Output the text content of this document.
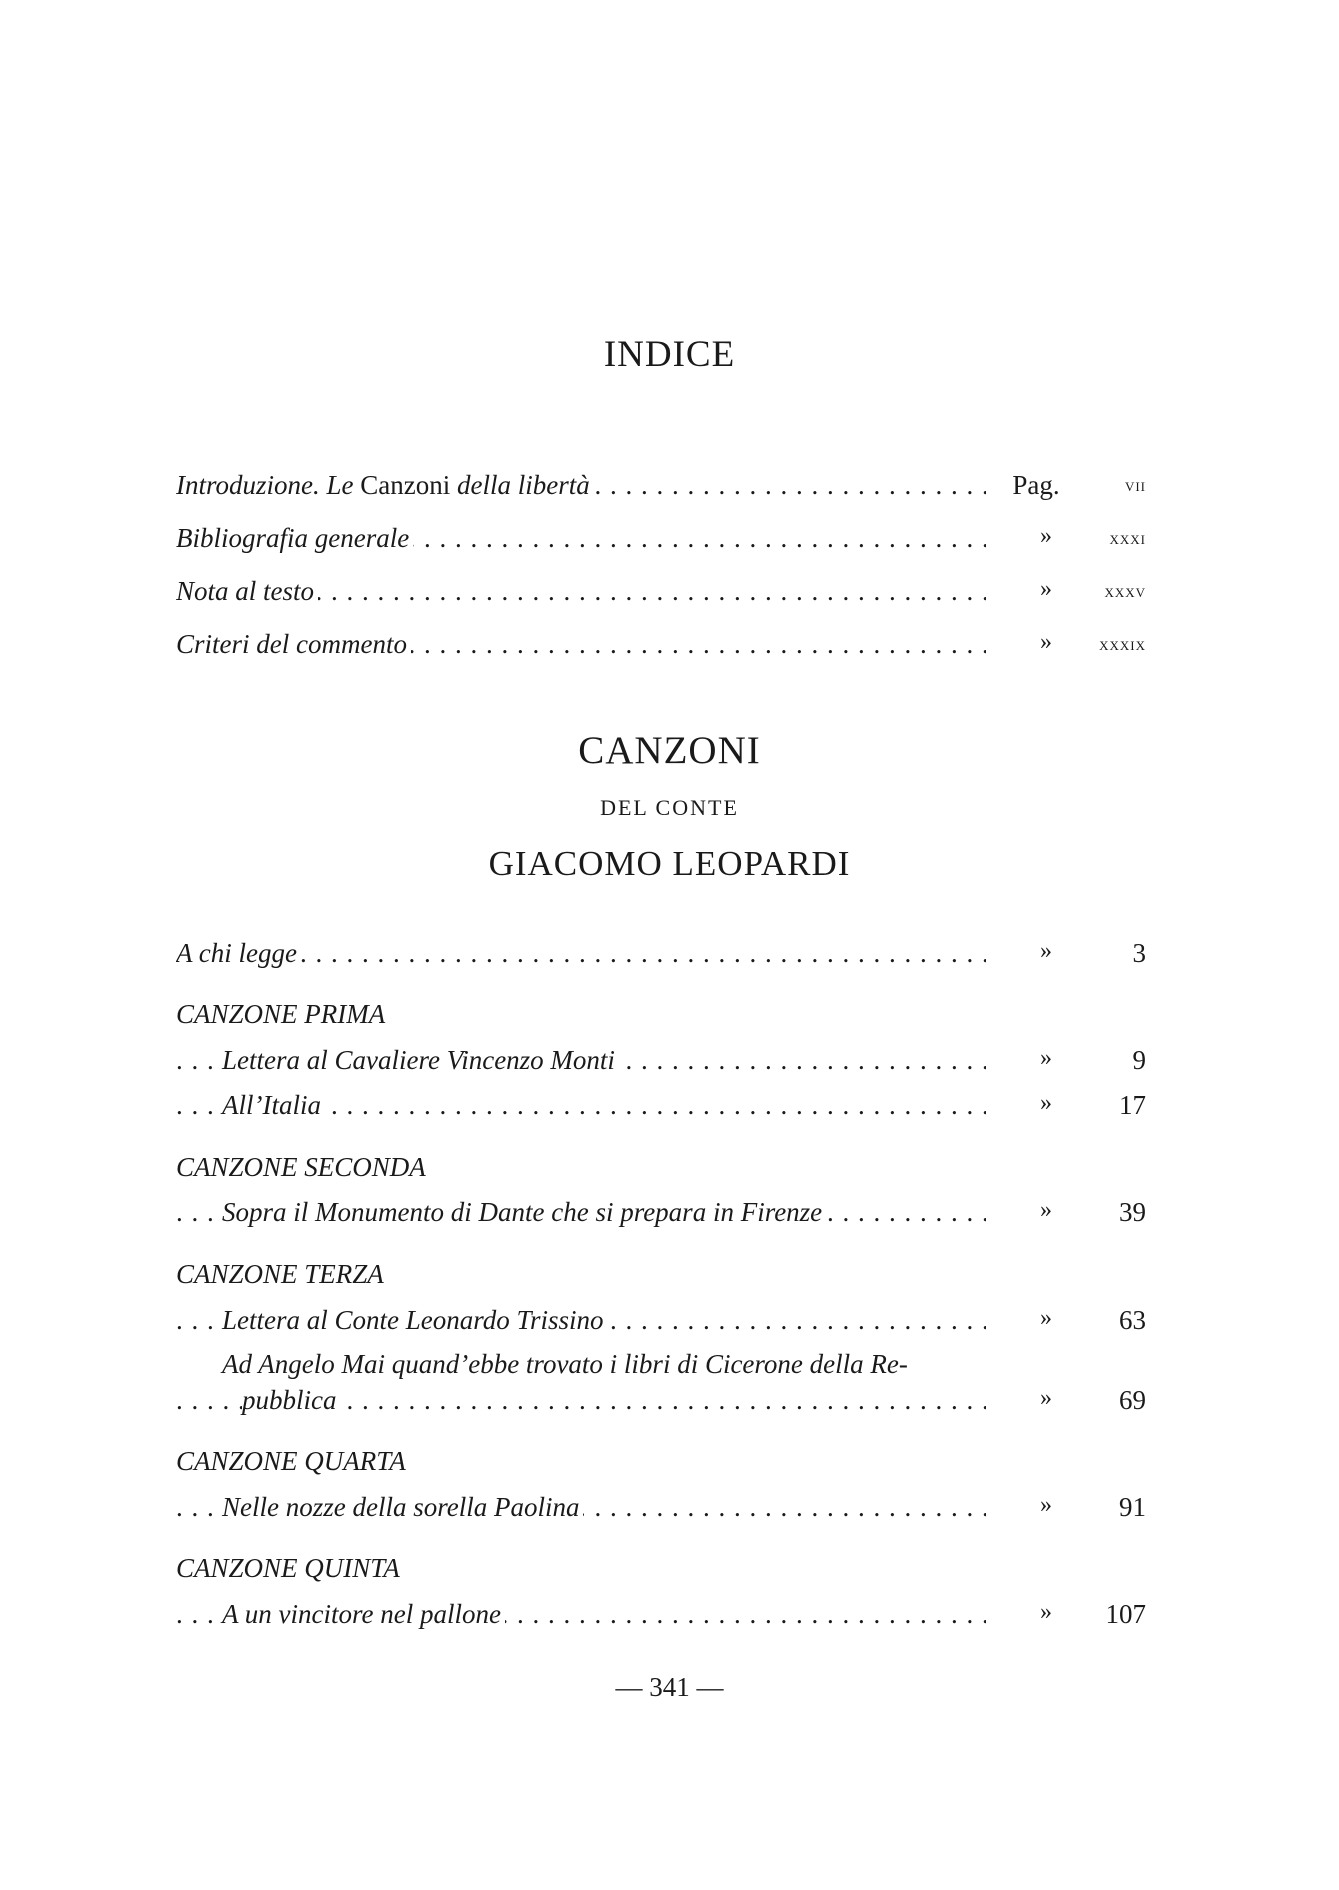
INDICE
Introduzione. Le Canzoni della libertà . . .	Pag.	vii
Bibliografia generale . . .	»	xxxi
Nota al testo . . .	»	xxxv
Criteri del commento . . .	»	xxxix
CANZONI
DEL CONTE
GIACOMO LEOPARDI
A chi legge . . .	»	3
CANZONE PRIMA
Lettera al Cavaliere Vincenzo Monti . . .	»	9
All’Italia . . .	»	17
CANZONE SECONDA
Sopra il Monumento di Dante che si prepara in Firenze . . .	»	39
CANZONE TERZA
Lettera al Conte Leonardo Trissino . . .	»	63
Ad Angelo Mai quand’ebbe trovato i libri di Cicerone della Re-
pubblica . . .	»	69
CANZONE QUARTA
Nelle nozze della sorella Paolina . . .	»	91
CANZONE QUINTA
A un vincitore nel pallone . . .	»	107
— 341 —
